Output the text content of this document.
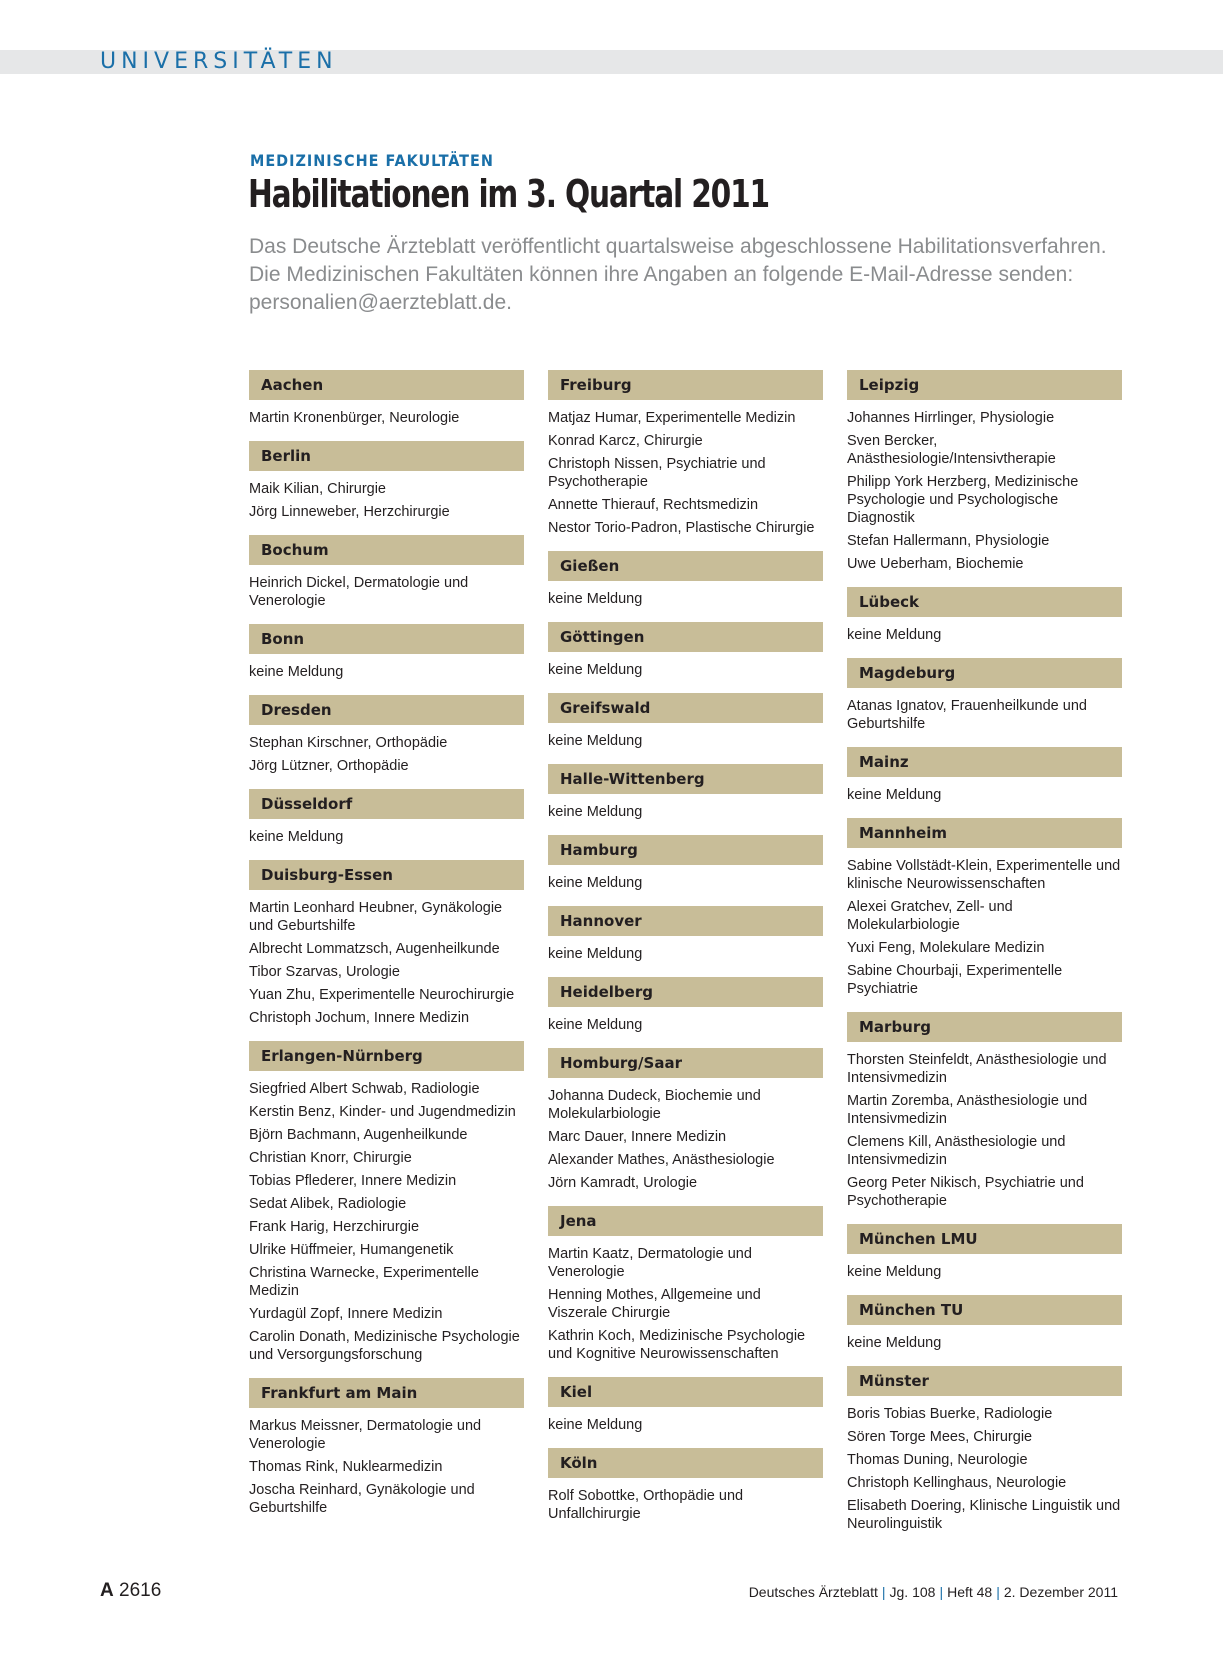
UNIVERSITÄTEN
MEDIZINISCHE FAKULTÄTEN
Habilitationen im 3. Quartal 2011
Das Deutsche Ärzteblatt veröffentlicht quartalsweise abgeschlossene Habilitationsverfahren. Die Medizinischen Fakultäten können ihre Angaben an folgende E-Mail-Adresse senden: personalien@aerzteblatt.de.
Aachen
Martin Kronenbürger, Neurologie
Berlin
Maik Kilian, Chirurgie
Jörg Linneweber, Herzchirurgie
Bochum
Heinrich Dickel, Dermatologie und Venerologie
Bonn
keine Meldung
Dresden
Stephan Kirschner, Orthopädie
Jörg Lützner, Orthopädie
Düsseldorf
keine Meldung
Duisburg-Essen
Martin Leonhard Heubner, Gynäkologie und Geburtshilfe
Albrecht Lommatzsch, Augenheilkunde
Tibor Szarvas, Urologie
Yuan Zhu, Experimentelle Neurochirurgie
Christoph Jochum, Innere Medizin
Erlangen-Nürnberg
Siegfried Albert Schwab, Radiologie
Kerstin Benz, Kinder- und Jugendmedizin
Björn Bachmann, Augenheilkunde
Christian Knorr, Chirurgie
Tobias Pflederer, Innere Medizin
Sedat Alibek, Radiologie
Frank Harig, Herzchirurgie
Ulrike Hüffmeier, Humangenetik
Christina Warnecke, Experimentelle Medizin
Yurdagül Zopf, Innere Medizin
Carolin Donath, Medizinische Psychologie und Versorgungsforschung
Frankfurt am Main
Markus Meissner, Dermatologie und Venerologie
Thomas Rink, Nuklearmedizin
Joscha Reinhard, Gynäkologie und Geburtshilfe
Freiburg
Matjaz Humar, Experimentelle Medizin
Konrad Karcz, Chirurgie
Christoph Nissen, Psychiatrie und Psychotherapie
Annette Thierauf, Rechtsmedizin
Nestor Torio-Padron, Plastische Chirurgie
Gießen
keine Meldung
Göttingen
keine Meldung
Greifswald
keine Meldung
Halle-Wittenberg
keine Meldung
Hamburg
keine Meldung
Hannover
keine Meldung
Heidelberg
keine Meldung
Homburg/Saar
Johanna Dudeck, Biochemie und Molekularbiologie
Marc Dauer, Innere Medizin
Alexander Mathes, Anästhesiologie
Jörn Kamradt, Urologie
Jena
Martin Kaatz, Dermatologie und Venerologie
Henning Mothes, Allgemeine und Viszerale Chirurgie
Kathrin Koch, Medizinische Psychologie und Kognitive Neurowissenschaften
Kiel
keine Meldung
Köln
Rolf Sobottke, Orthopädie und Unfallchirurgie
Leipzig
Johannes Hirrlinger, Physiologie
Sven Bercker, Anästhesiologie/Intensivtherapie
Philipp York Herzberg, Medizinische Psychologie und Psychologische Diagnostik
Stefan Hallermann, Physiologie
Uwe Ueberham, Biochemie
Lübeck
keine Meldung
Magdeburg
Atanas Ignatov, Frauenheilkunde und Geburtshilfe
Mainz
keine Meldung
Mannheim
Sabine Vollstädt-Klein, Experimentelle und klinische Neurowissenschaften
Alexei Gratchev, Zell- und Molekularbiologie
Yuxi Feng, Molekulare Medizin
Sabine Chourbaji, Experimentelle Psychiatrie
Marburg
Thorsten Steinfeldt, Anästhesiologie und Intensivmedizin
Martin Zoremba, Anästhesiologie und Intensivmedizin
Clemens Kill, Anästhesiologie und Intensivmedizin
Georg Peter Nikisch, Psychiatrie und Psychotherapie
München LMU
keine Meldung
München TU
keine Meldung
Münster
Boris Tobias Buerke, Radiologie
Sören Torge Mees, Chirurgie
Thomas Duning, Neurologie
Christoph Kellinghaus, Neurologie
Elisabeth Doering, Klinische Linguistik und Neurolinguistik
A 2616	Deutsches Ärzteblatt | Jg. 108 | Heft 48 | 2. Dezember 2011
